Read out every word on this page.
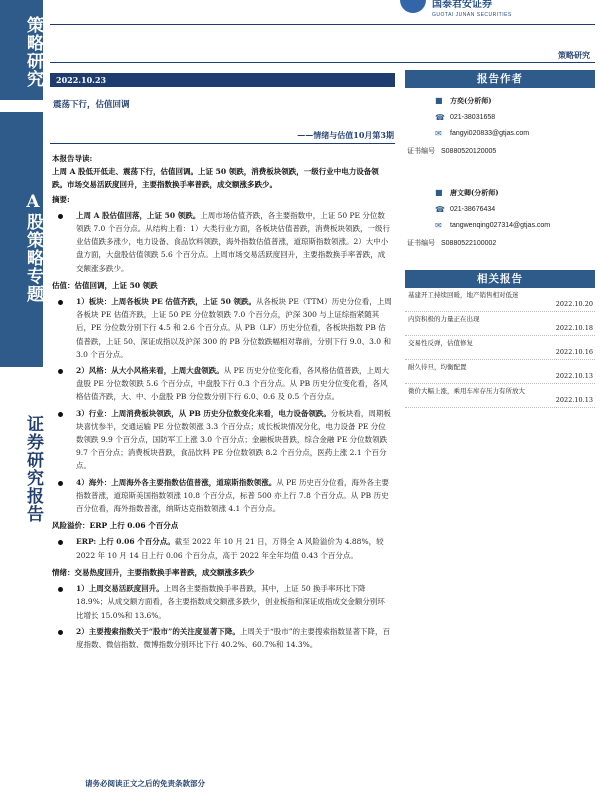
策略研究
A股策略专题
证券研究报告
国泰君安证券
GUOTAI JUNAN SECURITIES
策略研究
2022.10.23
震荡下行，估值回调
——情绪与估值10月第3期
本报告导读:
上周 A 股低开低走、震荡下行，估值回调。上证 50 领跌，消费板块领跌，一级行业中电力设备领跌。市场交易活跃度回升，主要指数换手率普跌，成交额涨多跌少。
摘要:
上周 A 股估值回落，上证 50 领跌。上周市场估值齐跌，各主要指数中，上证 50 PE 分位数领跌 7.0 个百分点。从结构上看：1）大类行业方面，各板块估值普跌，消费板块领跌，一级行业估值跌多涨少，电力设备、食品饮料领跌，海外指数估值普涨，道琼斯指数领涨。2）大中小盘方面，大盘股估值领跌 5.6 个百分点。上周市场交易活跃度回升，主要指数换手率普跌，成交额涨多跌少。
估值：估值回调，上证 50 领跌
1）板块：上周各板块 PE 估值齐跌，上证 50 领跌。从各板块 PE（TTM）历史分位看，上周各板块 PE 估值齐跌，上证 50 PE 分位数领跌 7.0 个百分点，沪深 300 与上证综指紧随其后，PE 分位数分别下行 4.5 和 2.6 个百分点。从 PB（LF）历史分位看，各板块指数 PB 估值普跌，上证 50、深证成指以及沪深 300 的 PB 分位数跌幅相对靠前，分别下行 9.0、3.0 和 3.0 个百分点。
2）风格：从大小风格来看，上周大盘领跌。从 PE 历史分位变化看，各风格估值普跌，上周大盘股 PE 分位数领跌 5.6 个百分点，中盘股下行 0.3 个百分点。从 PB 历史分位变化看，各风格估值齐跌，大、中、小盘股 PB 分位数分别下行 6.0、0.6 及 0.5 个百分点。
3）行业：上周消费板块领跌，从 PB 历史分位数变化来看，电力设备领跌。分板块看，周期板块喜忧参半，交通运输 PE 分位数领涨 3.3 个百分点；成长板块情况分化，电力设备 PE 分位数领跌 9.9 个百分点，国防军工上涨 3.0 个百分点；金融板块普跌，综合金融 PE 分位数领跌 9.7 个百分点；消费板块普跌，食品饮料 PE 分位数领跌 8.2 个百分点，医药上涨 2.1 个百分点。
4）海外：上周海外各主要指数估值普涨，道琼斯指数领涨。从 PE 历史百分位看，海外各主要指数普涨，道琼斯美国指数领涨 10.8 个百分点，标普 500 亦上行 7.8 个百分点。从 PB 历史百分位看，海外指数普涨，纳斯达克指数领涨 4.1 个百分点。
风险溢价：ERP 上行 0.06 个百分点
ERP: 上行 0.06 个百分点。截至 2022 年 10 月 21 日，万得全 A 风险溢价为 4.88%，较 2022 年 10 月 14 日上行 0.06 个百分点，高于 2022 年全年均值 0.43 个百分点。
情绪：交易热度回升，主要指数换手率普跌，成交额涨多跌少
1）上周交易活跃度回升。上周各主要指数换手率普跌，其中，上证 50 换手率环比下降 18.9%；从成交额方面看，各主要指数成交额涨多跌少，创业板指和深证成指成交金额分别环比增长 15.0%和 13.6%。
2）主要搜索指数关于“股市”的关注度显著下降。上周关于“股市”的主要搜索指数显著下降，百度指数、微信指数、微博指数分别环比下行 40.2%、60.7%和 14.3%。
报告作者
■ 方奕(分析师)
☎ 021-38031658
✉	fangyi020833@gtjas.com
证书编号 S0880520120005
■ 唐文卿(分析师)
☎ 021-38676434
✉	tangwenqing027314@gtjas.com
证书编号 S0880522100002
相关报告
基建开工持续回暖，地产销售相对低迷
2022.10.20
内资积极的力量正在出现
2022.10.18
交易性反弹，估值修复
2022.10.16
耐久待旦，均衡配置
2022.10.13
微价大幅上涨，乘用车库存压力有所放大
2022.10.13
请务必阅读正文之后的免责条款部分
